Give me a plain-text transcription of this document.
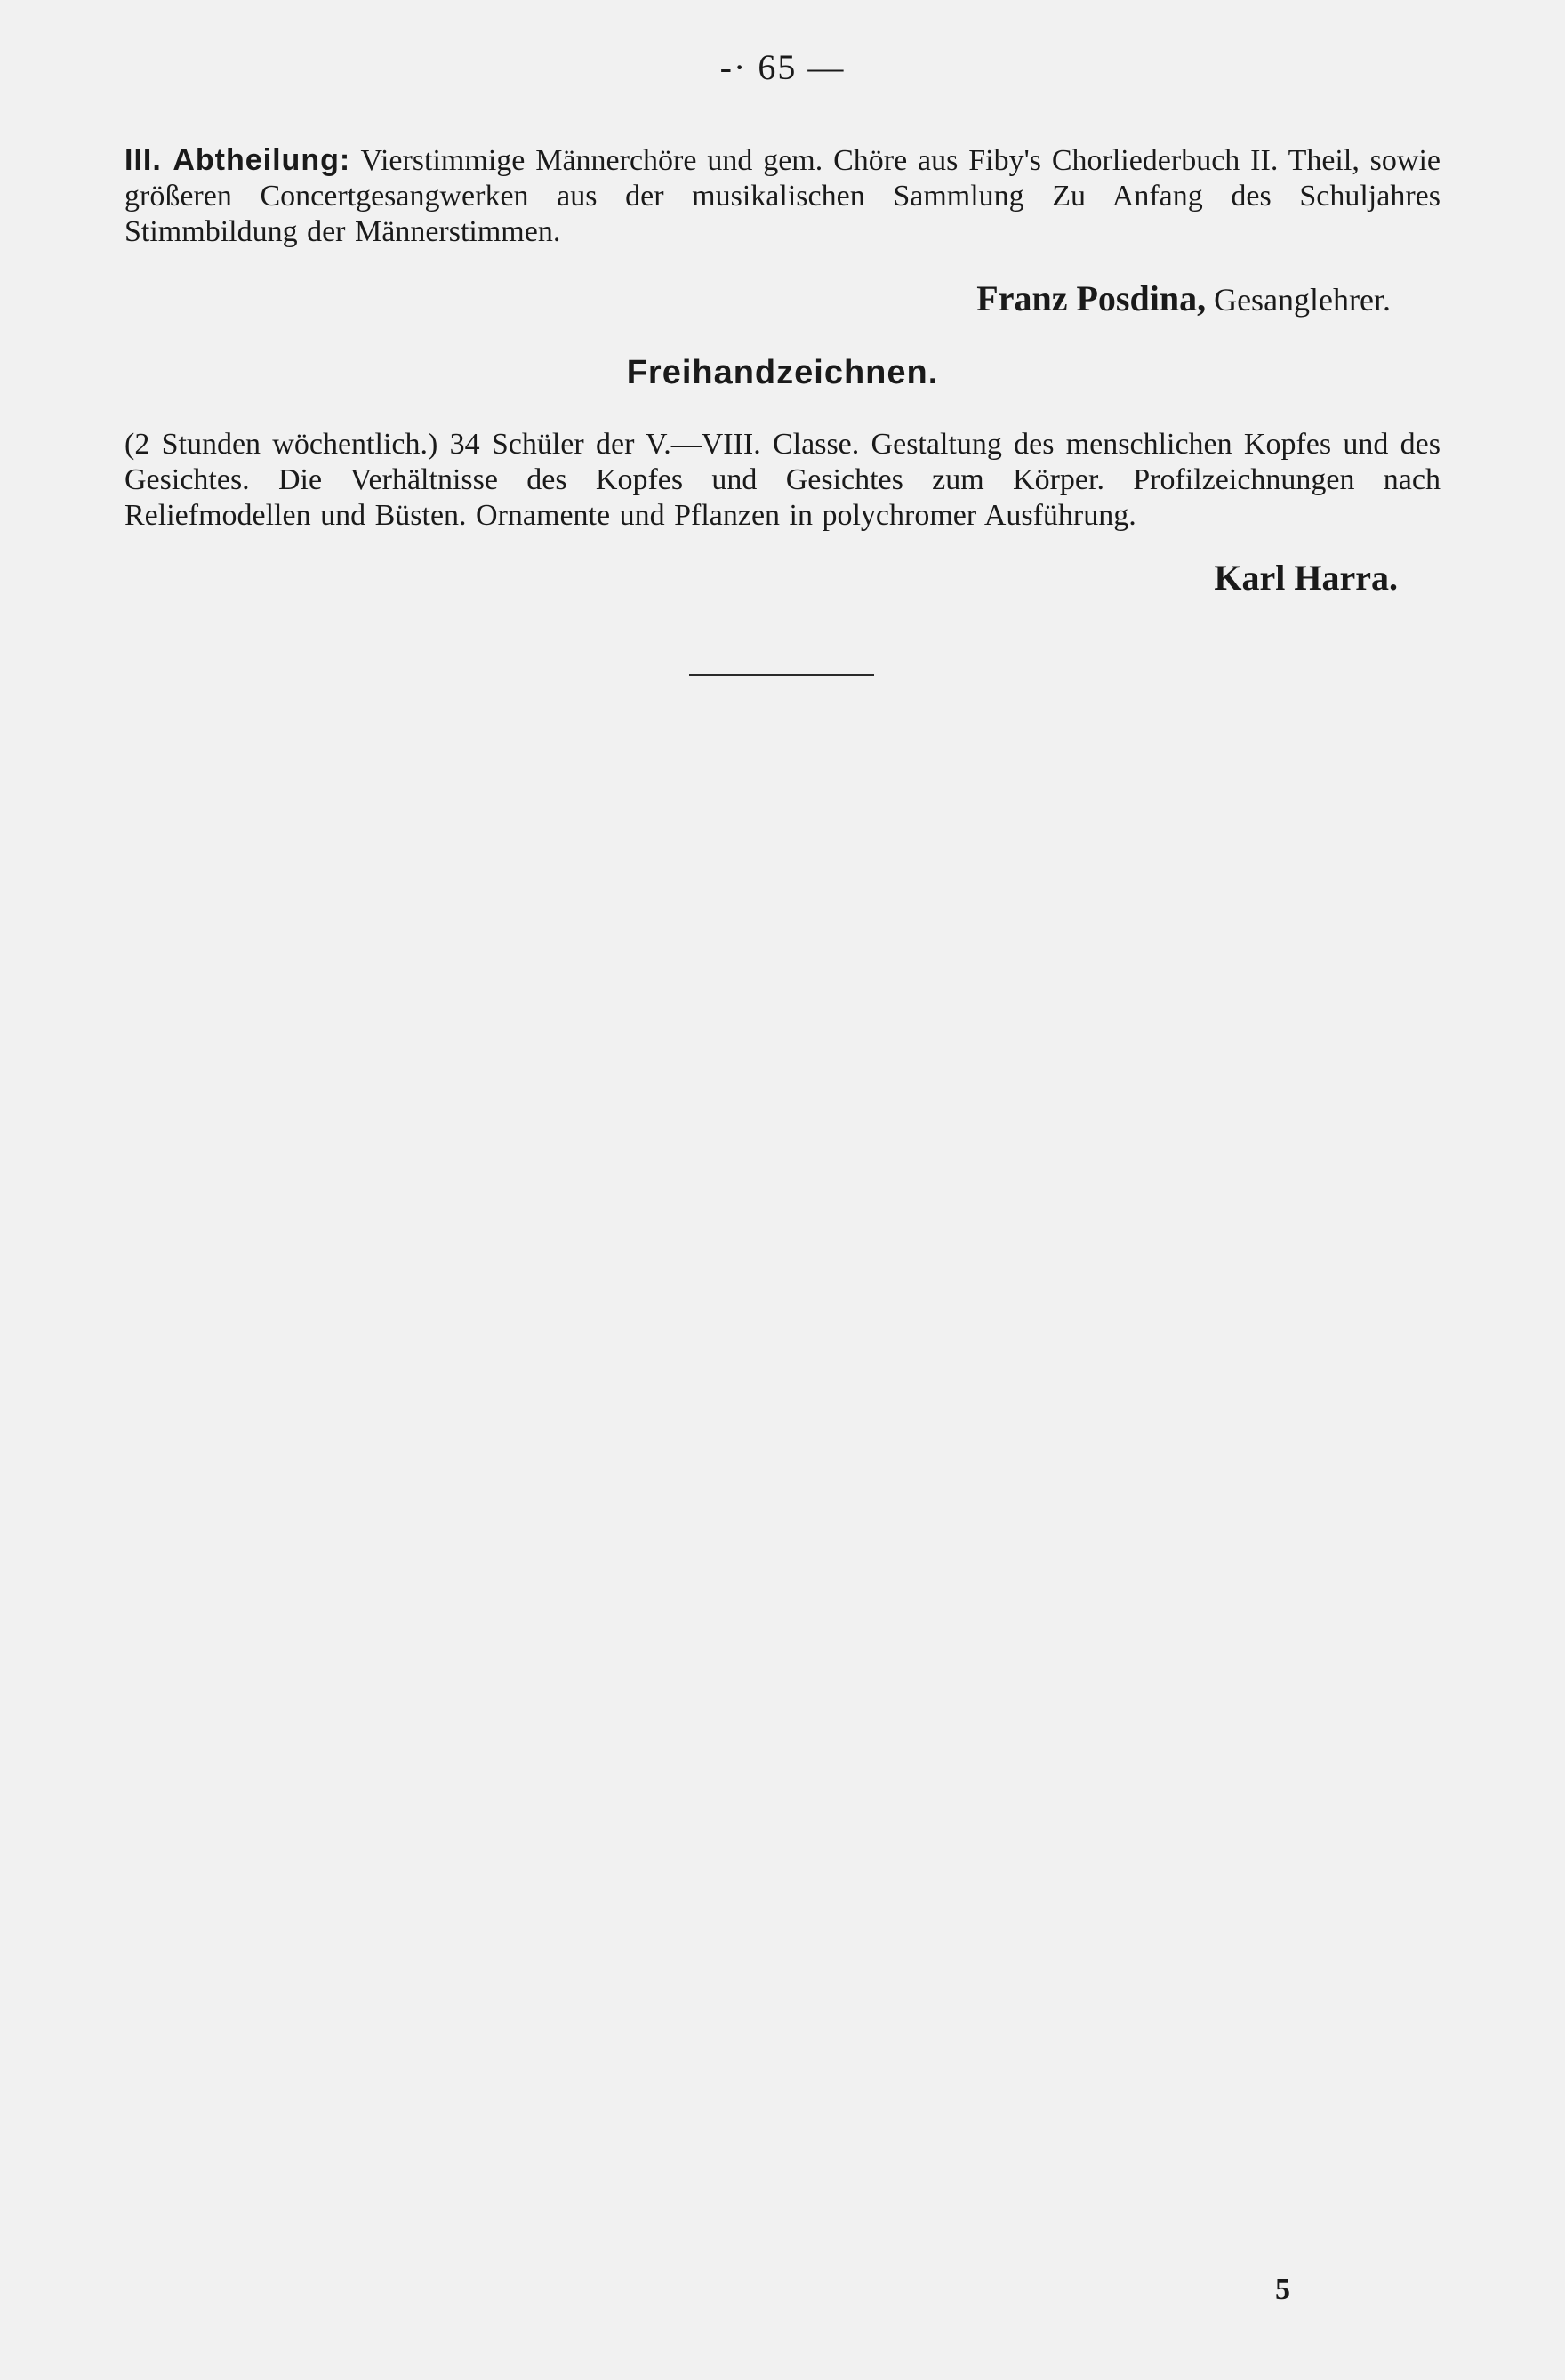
-· 65 —
III. Abtheilung: Vierstimmige Männerchöre und gem. Chöre aus Fiby's Chorliederbuch II. Theil, sowie größeren Concertgesangwerken aus der musikalischen Sammlung Zu Anfang des Schuljahres Stimmbildung der Männerstimmen.
Franz Posdina, Gesanglehrer.
Freihandzeichnen.
(2 Stunden wöchentlich.) 34 Schüler der V.—VIII. Classe. Gestaltung des menschlichen Kopfes und des Gesichtes. Die Verhältnisse des Kopfes und Gesichtes zum Körper. Profilzeichnungen nach Reliefmodellen und Büsten. Ornamente und Pflanzen in polychromer Ausführung.
Karl Harra.
5
